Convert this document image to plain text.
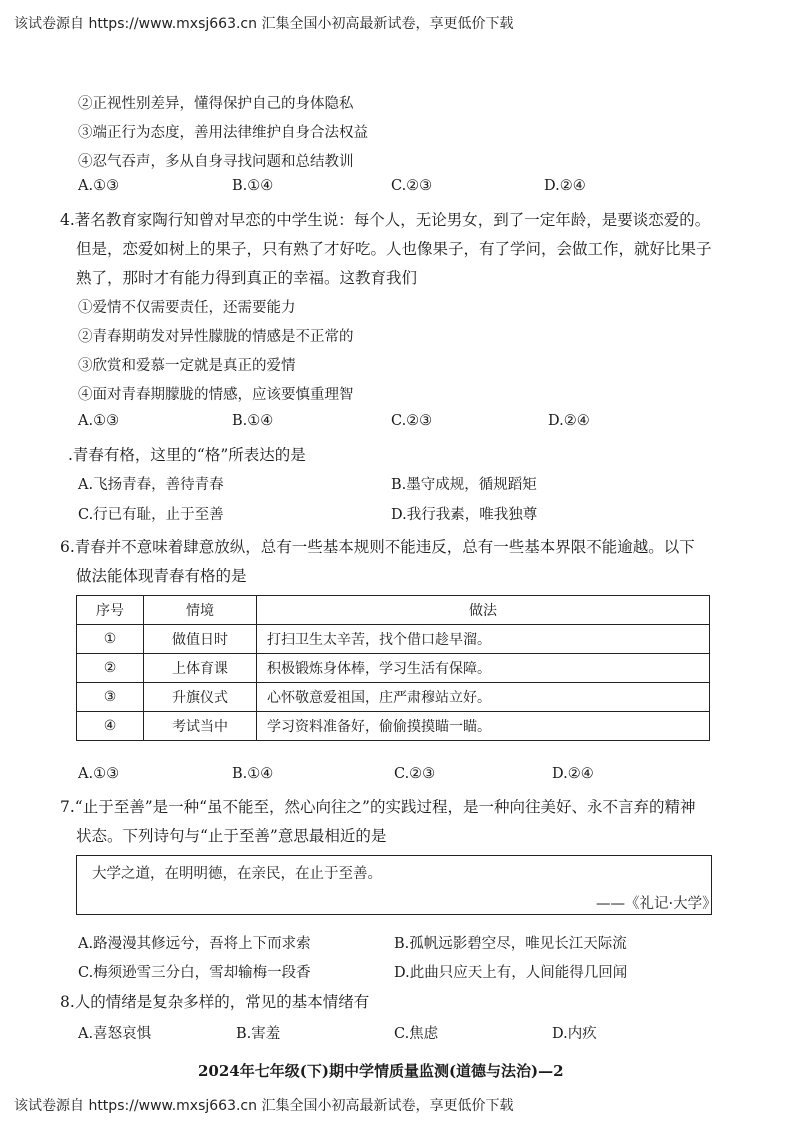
该试卷源自 https://www.mxsj663.cn 汇集全国小初高最新试卷，享更低价下载
②正视性别差异，懂得保护自己的身体隐私
③端正行为态度，善用法律维护自身合法权益
④忍气吞声，多从自身寻找问题和总结教训
A.①③	B.①④	C.②③	D.②④
4.著名教育家陶行知曾对早恋的中学生说：每个人，无论男女，到了一定年龄，是要谈恋爱的。
但是，恋爱如树上的果子，只有熟了才好吃。人也像果子，有了学问，会做工作，就好比果子
熟了，那时才有能力得到真正的幸福。这教育我们
①爱情不仅需要责任，还需要能力
②青春期萌发对异性朦胧的情感是不正常的
③欣赏和爱慕一定就是真正的爱情
④面对青春期朦胧的情感，应该要慎重理智
A.①③	B.①④	C.②③	D.②④
.青春有格，这里的“格”所表达的是
A.飞扬青春，善待青春	B.墨守成规，循规蹈矩
C.行已有耻，止于至善	D.我行我素，唯我独尊
6.青春并不意味着肆意放纵，总有一些基本规则不能违反，总有一些基本界限不能逾越。以下
做法能体现青春有格的是
序号	情境	做法
①	做值日时	打扫卫生太辛苦，找个借口趁早溜。
②	上体育课	积极锻炼身体棒，学习生活有保障。
③	升旗仪式	心怀敬意爱祖国，庄严肃穆站立好。
④	考试当中	学习资料准备好，偷偷摸摸瞄一瞄。
A.①③	B.①④	C.②③	D.②④
7.“止于至善”是一种“虽不能至，然心向往之”的实践过程，是一种向往美好、永不言弃的精神
状态。下列诗句与“止于至善”意思最相近的是
大学之道，在明明德，在亲民，在止于至善。
——《礼记·大学》
A.路漫漫其修远兮，吾将上下而求索	B.孤帆远影碧空尽，唯见长江天际流
C.梅须逊雪三分白，雪却输梅一段香	D.此曲只应天上有，人间能得几回闻
8.人的情绪是复杂多样的，常见的基本情绪有
A.喜怒哀惧	B.害羞	C.焦虑	D.内疚
2024年七年级(下)期中学情质量监测(道德与法治)—2
该试卷源自 https://www.mxsj663.cn 汇集全国小初高最新试卷，享更低价下载
